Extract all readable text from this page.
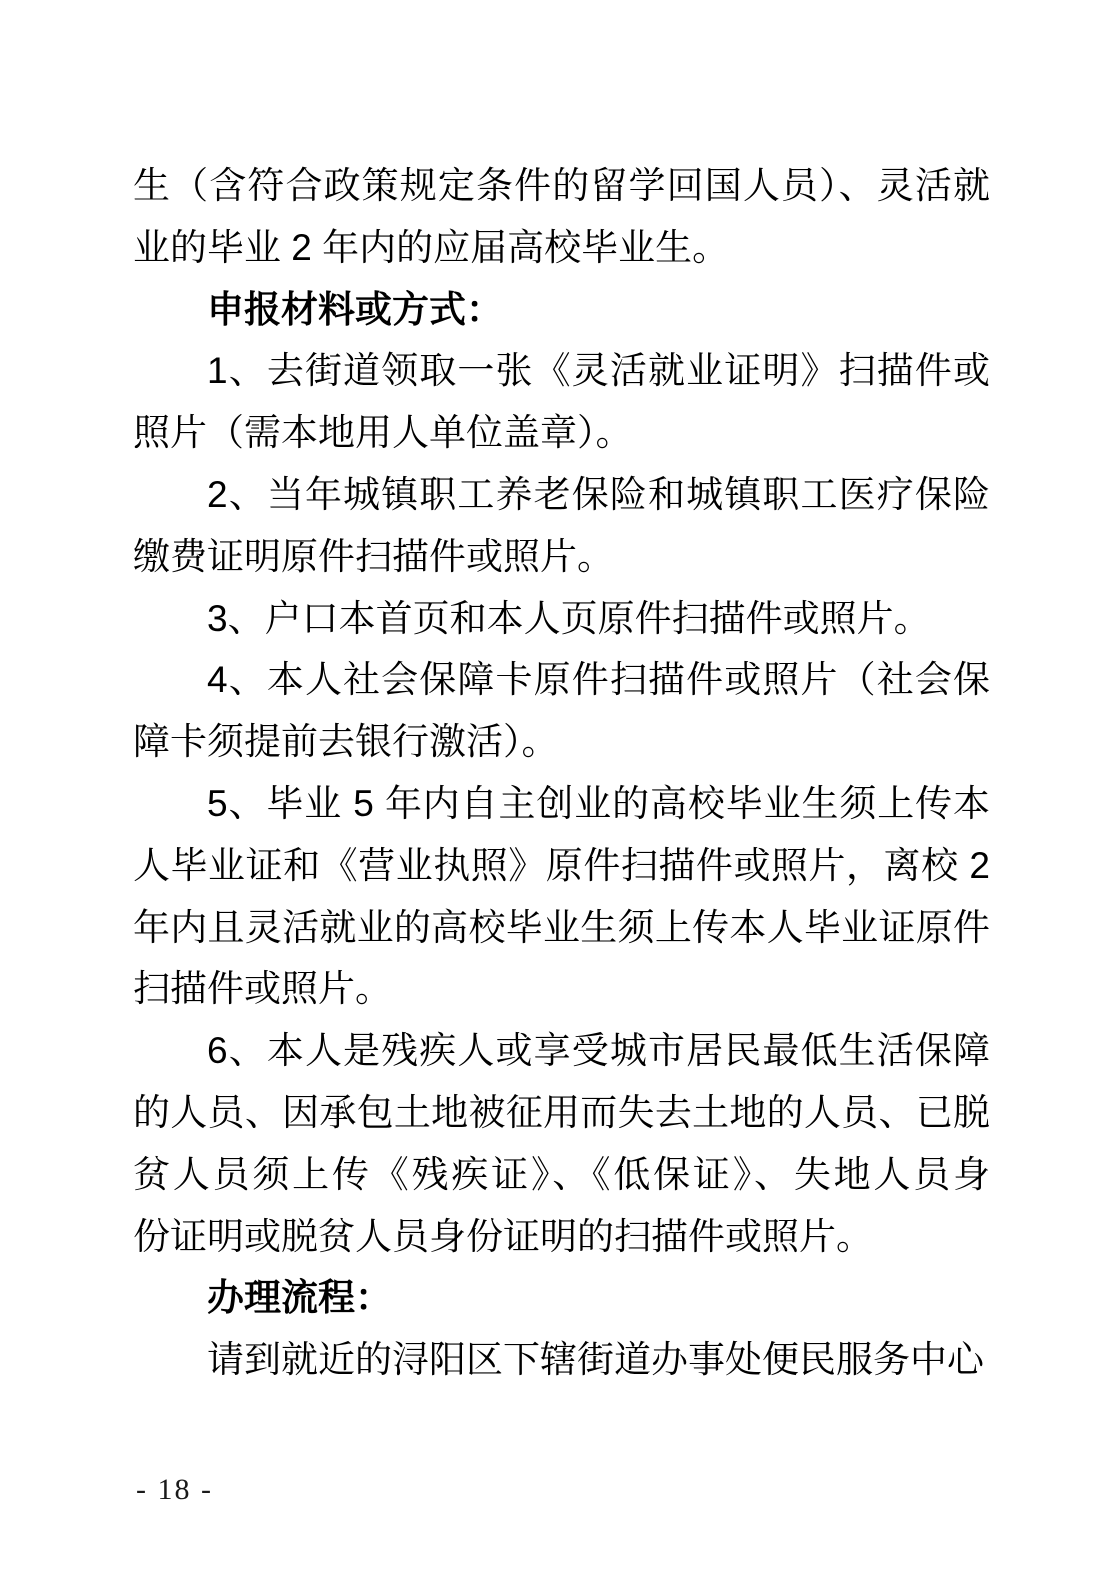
生（含符合政策规定条件的留学回国人员）、灵活就
业的毕业 2 年内的应届高校毕业生。
申报材料或方式：
1、去街道领取一张《灵活就业证明》扫描件或
照片（需本地用人单位盖章）。
2、当年城镇职工养老保险和城镇职工医疗保险
缴费证明原件扫描件或照片。
3、户口本首页和本人页原件扫描件或照片。
4、本人社会保障卡原件扫描件或照片（社会保
障卡须提前去银行激活）。
5、毕业 5 年内自主创业的高校毕业生须上传本
人毕业证和《营业执照》原件扫描件或照片，离校 2
年内且灵活就业的高校毕业生须上传本人毕业证原件
扫描件或照片。
6、本人是残疾人或享受城市居民最低生活保障
的人员、因承包土地被征用而失去土地的人员、已脱
贫人员须上传《残疾证》、《低保证》、失地人员身
份证明或脱贫人员身份证明的扫描件或照片。
办理流程：
请到就近的浔阳区下辖街道办事处便民服务中心
- 18 -
